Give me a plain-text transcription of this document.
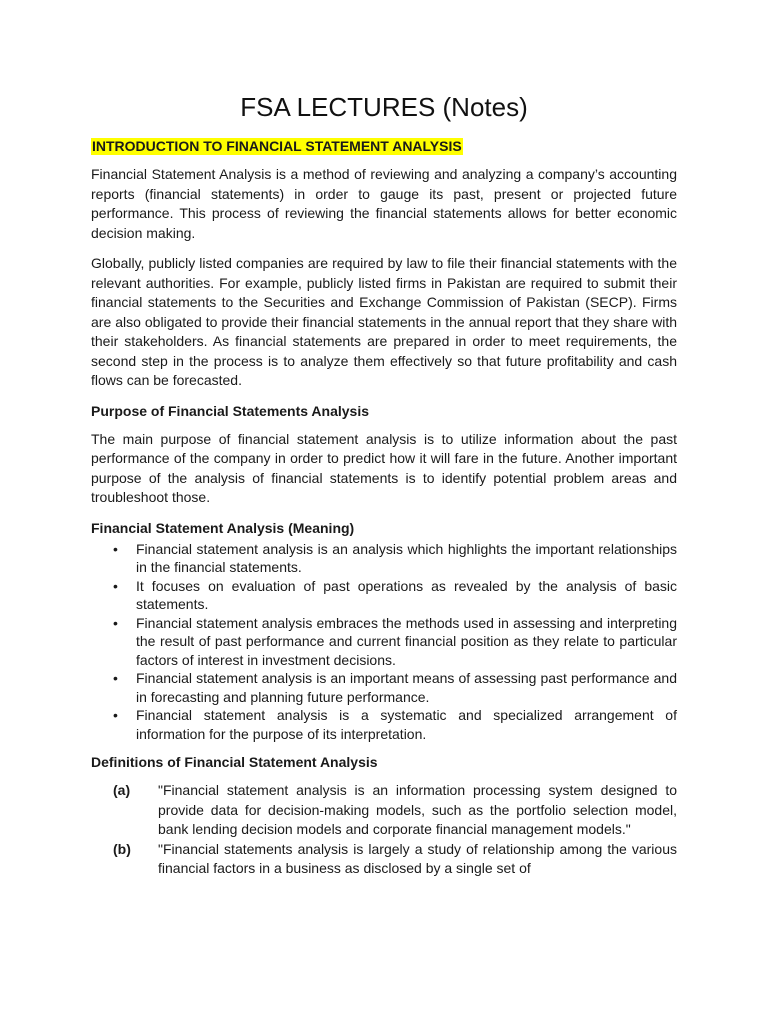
FSA LECTURES (Notes)
INTRODUCTION TO FINANCIAL STATEMENT ANALYSIS

Financial Statement Analysis is a method of reviewing and analyzing a company’s accounting reports (financial statements) in order to gauge its past, present or projected future performance. This process of reviewing the financial statements allows for better economic decision making.

Globally, publicly listed companies are required by law to file their financial statements with the relevant authorities. For example, publicly listed firms in Pakistan are required to submit their financial statements to the Securities and Exchange Commission of Pakistan (SECP). Firms are also obligated to provide their financial statements in the annual report that they share with their stakeholders. As financial statements are prepared in order to meet requirements, the second step in the process is to analyze them effectively so that future profitability and cash flows can be forecasted.

Purpose of Financial Statements Analysis

The main purpose of financial statement analysis is to utilize information about the past performance of the company in order to predict how it will fare in the future. Another important purpose of the analysis of financial statements is to identify potential problem areas and troubleshoot those.

Financial Statement Analysis (Meaning)
• Financial statement analysis is an analysis which highlights the important relationships in the financial statements.
• It focuses on evaluation of past operations as revealed by the analysis of basic statements.
• Financial statement analysis embraces the methods used in assessing and interpreting the result of past performance and current financial position as they relate to particular factors of interest in investment decisions.
• Financial statement analysis is an important means of assessing past performance and in forecasting and planning future performance.
• Financial statement analysis is a systematic and specialized arrangement of information for the purpose of its interpretation.
Definitions of Financial Statement Analysis
(a)	"Financial statement analysis is an information processing system designed to provide data for decision-making models, such as the portfolio selection model, bank lending decision models and corporate financial management models."
(b)	"Financial statements analysis is largely a study of relationship among the various financial factors in a business as disclosed by a single set of
